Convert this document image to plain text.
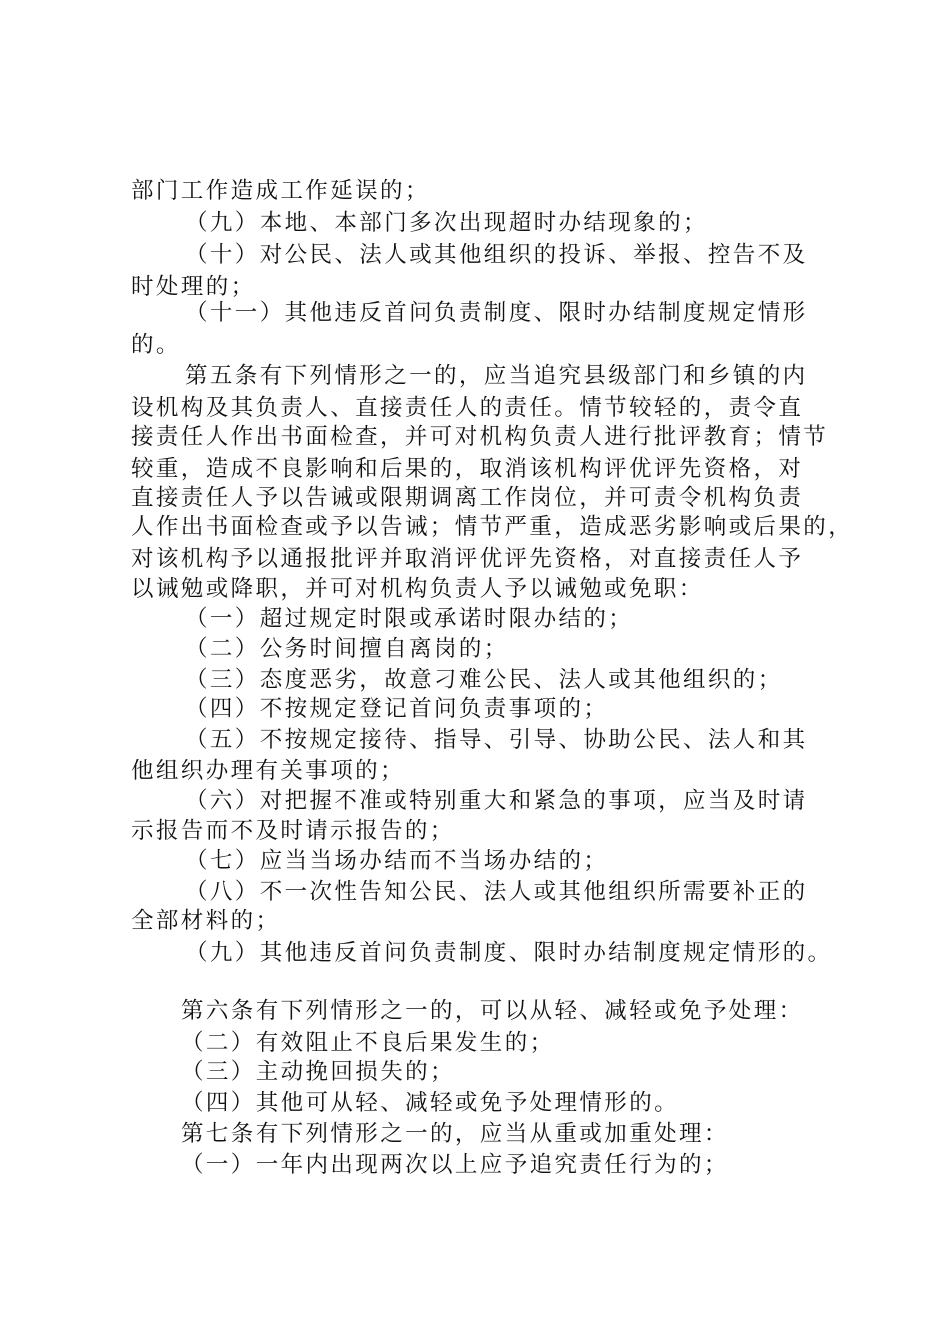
部门工作造成工作延误的；
（九）本地、本部门多次出现超时办结现象的；
（十）对公民、法人或其他组织的投诉、举报、控告不及
时处理的；
（十一）其他违反首问负责制度、限时办结制度规定情形
的。
第五条有下列情形之一的，应当追究县级部门和乡镇的内
设机构及其负责人、直接责任人的责任。情节较轻的，责令直
接责任人作出书面检查，并可对机构负责人进行批评教育；情节
较重，造成不良影响和后果的，取消该机构评优评先资格，对
直接责任人予以告诫或限期调离工作岗位，并可责令机构负责
人作出书面检查或予以告诫；情节严重，造成恶劣影响或后果的，
对该机构予以通报批评并取消评优评先资格，对直接责任人予
以诫勉或降职，并可对机构负责人予以诫勉或免职：
（一）超过规定时限或承诺时限办结的；
（二）公务时间擅自离岗的；
（三）态度恶劣，故意刁难公民、法人或其他组织的；
（四）不按规定登记首问负责事项的；
（五）不按规定接待、指导、引导、协助公民、法人和其
他组织办理有关事项的；
（六）对把握不准或特别重大和紧急的事项，应当及时请
示报告而不及时请示报告的；
（七）应当当场办结而不当场办结的；
（八）不一次性告知公民、法人或其他组织所需要补正的
全部材料的；
（九）其他违反首问负责制度、限时办结制度规定情形的。
第六条有下列情形之一的，可以从轻、减轻或免予处理：
（二）有效阻止不良后果发生的；
（三）主动挽回损失的；
（四）其他可从轻、减轻或免予处理情形的。
第七条有下列情形之一的，应当从重或加重处理：
（一）一年内出现两次以上应予追究责任行为的；
